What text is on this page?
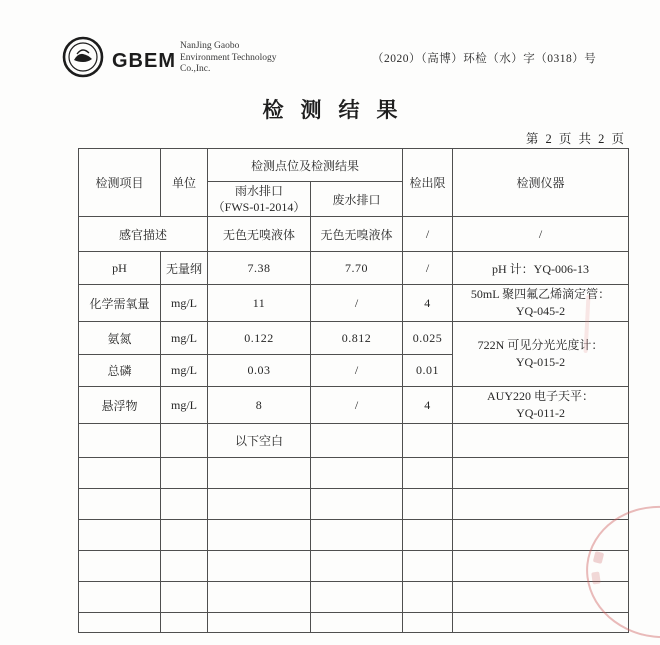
GBEM
NanJing Gaobo
Environment Technology
Co.,Inc.
（2020）（高博）环检（水）字（0318）号
检测结果
第 2 页 共 2 页
检测项目	单位	检测点位及检测结果		检出限	检测仪器

		雨水排口
（FWS-01-2014）	废水排口		
感官描述		无色无嗅液体	无色无嗅液体	/	/
pH	无量纲	7.38	7.70	/	pH 计：YQ-006-13
化学需氧量	mg/L	11	/	4	50mL 聚四氟乙烯滴定管：
YQ-045-2

氨氮	mg/L	0.122	0.812	0.025	722N 可见分光光度计：
YQ-015-2

总磷	mg/L	0.03	/	0.01	
悬浮物	mg/L	8	/	4	AUY220 电子天平：
YQ-011-2

		以下空白			
